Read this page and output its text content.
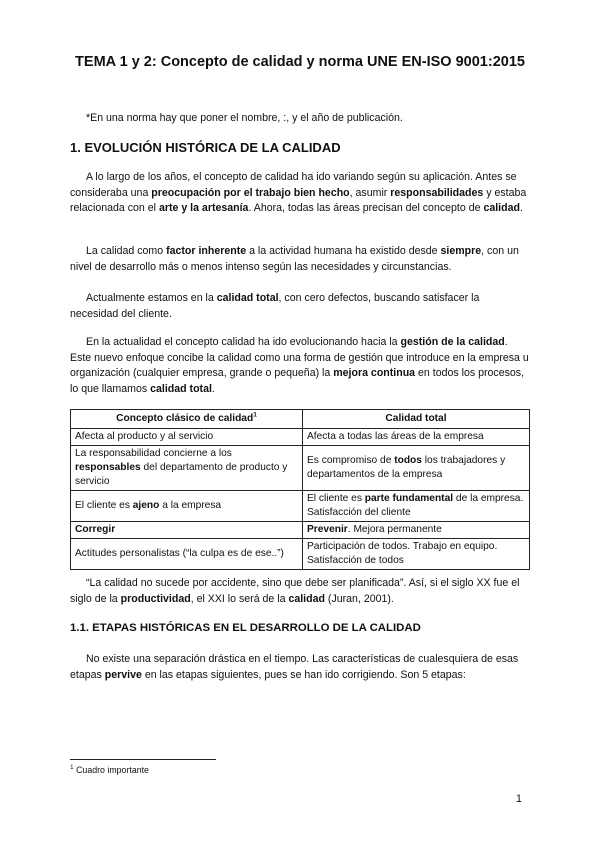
TEMA 1 y 2: Concepto de calidad y norma UNE EN-ISO 9001:2015

*En una norma hay que poner el nombre, :, y el año de publicación.

1. EVOLUCIÓN HISTÓRICA DE LA CALIDAD

A lo largo de los años, el concepto de calidad ha ido variando según su aplicación. Antes se consideraba una preocupación por el trabajo bien hecho, asumir responsabilidades y estaba relacionada con el arte y la artesanía. Ahora, todas las áreas precisan del concepto de calidad.

La calidad como factor inherente a la actividad humana ha existido desde siempre, con un nivel de desarrollo más o menos intenso según las necesidades y circunstancias.

Actualmente estamos en la calidad total, con cero defectos, buscando satisfacer la necesidad del cliente.

En la actualidad el concepto calidad ha ido evolucionando hacia la gestión de la calidad. Este nuevo enfoque concibe la calidad como una forma de gestión que introduce en la empresa u organización (cualquier empresa, grande o pequeña) la mejora continua en todos los procesos, lo que llamamos calidad total.

Concepto clásico de calidad$^1$	Calidad total
Afecta al producto y al servicio	Afecta a todas las áreas de la empresa
La responsabilidad concierne a los responsables del departamento de producto y servicio	Es compromiso de todos los trabajadores y departamentos de la empresa
El cliente es ajeno a la empresa	El cliente es parte fundamental de la empresa. Satisfacción del cliente
Corregir	Prevenir. Mejora permanente
Actitudes personalistas (“la culpa es de ese..”)	Participación de todos. Trabajo en equipo. Satisfacción de todos

“La calidad no sucede por accidente, sino que debe ser planificada”. Así, si el siglo XX fue el siglo de la productividad, el XXI lo será de la calidad (Juran, 2001).

1.1. ETAPAS HISTÓRICAS EN EL DESARROLLO DE LA CALIDAD

No existe una separación drástica en el tiempo. Las características de cualesquiera de esas etapas pervive en las etapas siguientes, pues se han ido corrigiendo. Son 5 etapas:

$^1$ Cuadro importante

1
